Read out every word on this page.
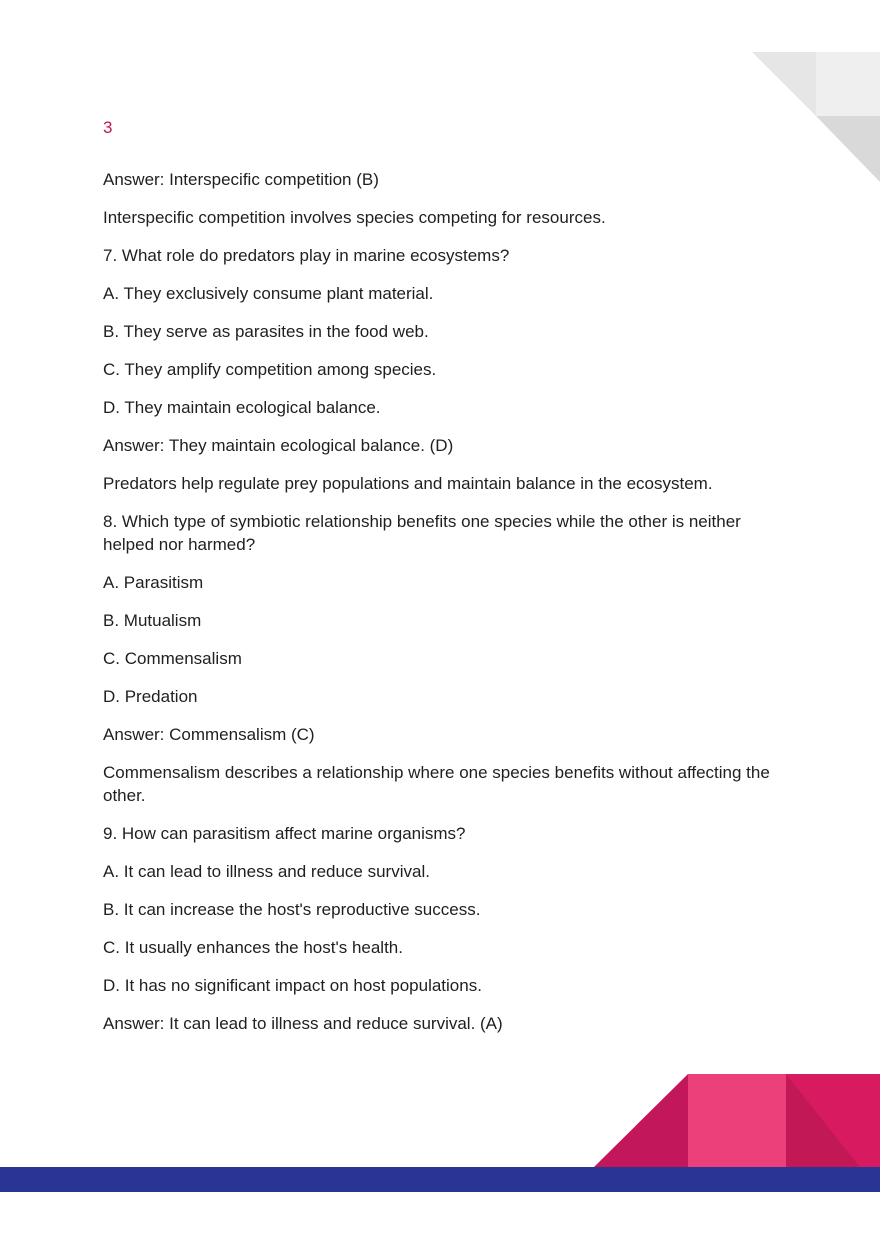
3

Answer: Interspecific competition (B)

Interspecific competition involves species competing for resources.

7. What role do predators play in marine ecosystems?

A. They exclusively consume plant material.

B. They serve as parasites in the food web.

C. They amplify competition among species.

D. They maintain ecological balance.

Answer: They maintain ecological balance. (D)

Predators help regulate prey populations and maintain balance in the ecosystem.

8. Which type of symbiotic relationship benefits one species while the other is neither helped nor harmed?

A. Parasitism

B. Mutualism

C. Commensalism

D. Predation

Answer: Commensalism (C)

Commensalism describes a relationship where one species benefits without affecting the other.

9. How can parasitism affect marine organisms?

A. It can lead to illness and reduce survival.

B. It can increase the host's reproductive success.

C. It usually enhances the host's health.

D. It has no significant impact on host populations.

Answer: It can lead to illness and reduce survival. (A)
